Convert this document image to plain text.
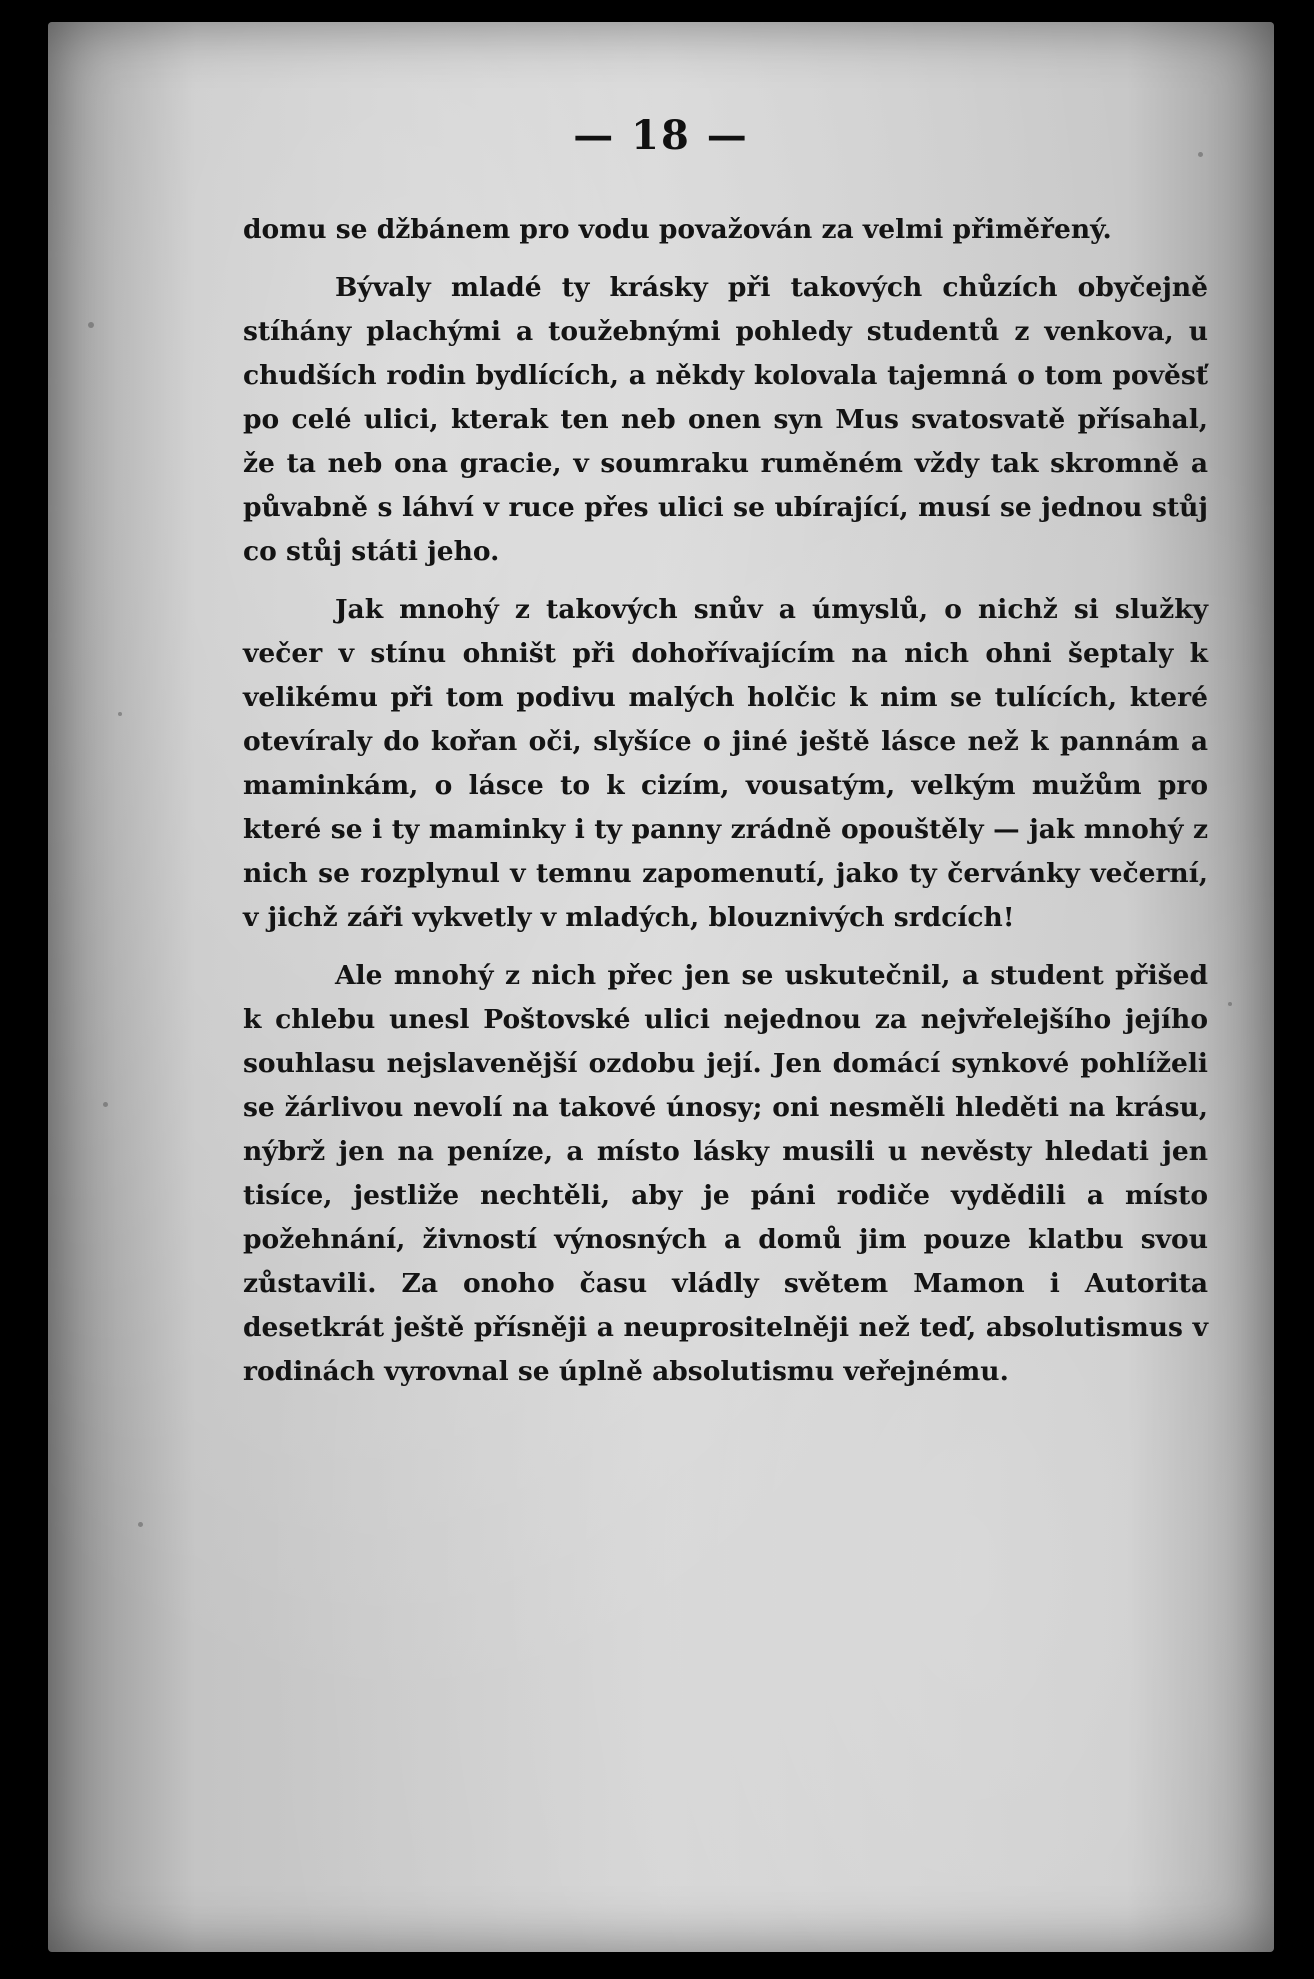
— 18 —

domu se džbánem pro vodu považován za velmi přiměřený.

Bývaly mladé ty krásky při takových chůzích obyčejně stíhány plachými a toužebnými pohledy studentů z venkova, u chudších rodin bydlících, a někdy kolovala tajemná o tom pověsť po celé ulici, kterak ten neb onen syn Mus svatosvatě přísahal, že ta neb ona gracie, v soumraku ruměném vždy tak skromně a půvabně s láhví v ruce přes ulici se ubírající, musí se jednou stůj co stůj státi jeho.

Jak mnohý z takových snův a úmyslů, o nichž si služky večer v stínu ohništ při dohořívajícím na nich ohni šeptaly k velikému při tom podivu malých holčic k nim se tulících, které otevíraly do kořan oči, slyšíce o jiné ještě lásce než k pannám a maminkám, o lásce to k cizím, vousatým, velkým mužům pro které se i ty maminky i ty panny zrádně opouštěly — jak mnohý z nich se rozplynul v temnu zapomenutí, jako ty červánky večerní, v jichž záři vykvetly v mladých, blouznivých srdcích!

Ale mnohý z nich přec jen se uskutečnil, a student přišed k chlebu unesl Poštovské ulici nejednou za nejvřelejšího jejího souhlasu nejslavenější ozdobu její. Jen domácí synkové pohlíželi se žárlivou nevolí na takové únosy; oni nesměli hleděti na krásu, nýbrž jen na peníze, a místo lásky musili u nevěsty hledati jen tisíce, jestliže nechtěli, aby je páni rodiče vydědili a místo požehnání, živností výnosných a domů jim pouze klatbu svou zůstavili. Za onoho času vládly světem Mamon i Autorita desetkrát ještě přísněji a neuprositelněji než teď, absolutismus v rodinách vyrovnal se úplně absolutismu veřejnému.
